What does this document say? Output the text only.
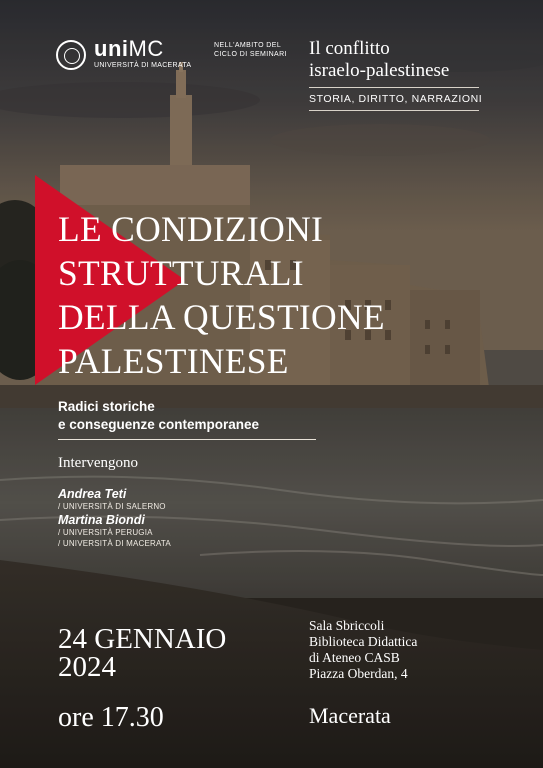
uniMC
UNIVERSITÀ DI MACERATA
NELL'AMBITO DEL
CICLO DI SEMINARI Il conflitto
israelo-palestinese
STORIA, DIRITTO, NARRAZIONI
LE CONDIZIONI
STRUTTURALI
DELLA QUESTIONE
PALESTINESE
Radici storiche
e conseguenze contemporanee
Intervengono
Andrea Teti
/ UNIVERSITÀ DI SALERNO
Martina Biondi
/ UNIVERSITÀ PERUGIA
/ UNIVERSITÀ DI MACERATA
24 GENNAIO
2024
ore 17.30
Sala Sbriccoli
Biblioteca Didattica
di Ateneo CASB
Piazza Oberdan, 4
Macerata
